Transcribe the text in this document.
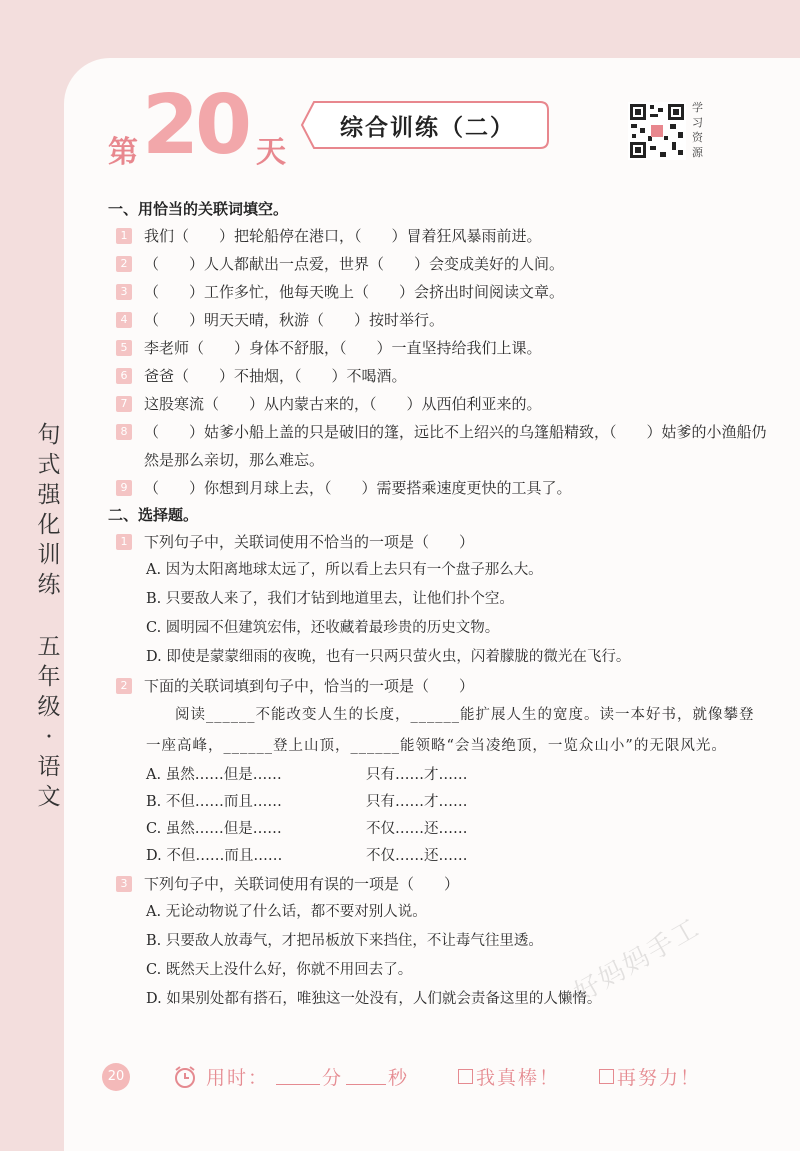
第 20 天
综合训练（二）
学习资源
句式强化训练
五年级·语文
一、用恰当的关联词填空。
1	我们（　　）把轮船停在港口，（　　）冒着狂风暴雨前进。
2	（　　）人人都献出一点爱，世界（　　）会变成美好的人间。
3	（　　）工作多忙，他每天晚上（　　）会挤出时间阅读文章。
4	（　　）明天天晴，秋游（　　）按时举行。
5	李老师（　　）身体不舒服，（　　）一直坚持给我们上课。
6	爸爸（　　）不抽烟，（　　）不喝酒。
7	这股寒流（　　）从内蒙古来的，（　　）从西伯利亚来的。
8	（　　）姑爹小船上盖的只是破旧的篷，远比不上绍兴的乌篷船精致，（　　）姑爹的小渔船仍然是那么亲切，那么难忘。
9	（　　）你想到月球上去，（　　）需要搭乘速度更快的工具了。
二、选择题。
1	下列句子中，关联词使用不恰当的一项是（　　）
A. 因为太阳离地球太远了，所以看上去只有一个盘子那么大。
B. 只要敌人来了，我们才钻到地道里去，让他们扑个空。
C. 圆明园不但建筑宏伟，还收藏着最珍贵的历史文物。
D. 即使是蒙蒙细雨的夜晚，也有一只两只萤火虫，闪着朦胧的微光在飞行。
2	下面的关联词填到句子中，恰当的一项是（　　）
阅读______不能改变人生的长度，______能扩展人生的宽度。读一本好书，就像攀登一座高峰，______登上山顶，______能领略“会当凌绝顶，一览众山小”的无限风光。
A. 虽然……但是……	只有……才……
B. 不但……而且……	只有……才……
C. 虽然……但是……	不仅……还……
D. 不但……而且……	不仅……还……
3	下列句子中，关联词使用有误的一项是（　　）
A. 无论动物说了什么话，都不要对别人说。
B. 只要敌人放毒气，才把吊板放下来挡住，不让毒气往里透。
C. 既然天上没什么好，你就不用回去了。
D. 如果别处都有搭石，唯独这一处没有，人们就会责备这里的人懒惰。
好妈妈手工
20	用时：	分 秒	我真棒！	再努力！
